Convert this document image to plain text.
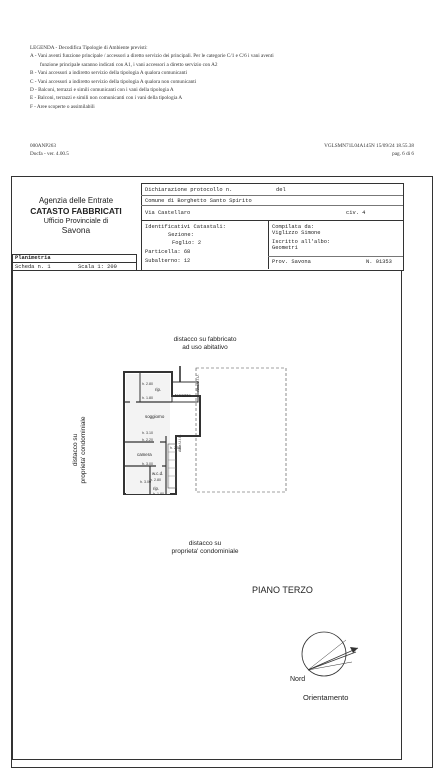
LEGENDA - Decodifica Tipologie di Ambiente previsti:
A - Vani aventi funzione principale / accessori a diretto servizio dei principali. Per le categorie C/1 e C/6 i vani aventi
funzione principale saranno indicati con A1, i vani accessori a diretto servizio con A2
B - Vani accessori a indiretto servizio della tipologia A qualora comunicanti
C - Vani accessori a indiretto servizio della tipologia A qualora non comunicanti
D - Balconi, terrazzi e simili comunicanti con i vani della tipologia A
E - Balconi, terrazzi e simili non comunicanti con i vani della tipologia A
F - Aree scoperte o assimilabili
000ANP263
Docfa - ver. 4.00.5
VGLSMN71L04A145N 15/09/24 18.55.38
pag. 6 di 6
Agenzia delle Entrate
CATASTO FABBRICATI
Ufficio Provinciale di
Savona
Dichiarazione protocollo n.	del
Comune di Borghetto Santo Spirito
Via Castellaro	civ. 4
Identificativi Catastali:
Sezione:
Foglio: 2
Particella: 68
Subalterno: 12
Compilata da:
Viglizzo Simone
Iscritto all'albo:
Geometri
Prov. Savona	N. 01353
Planimetria
Scheda n. 1	Scala 1: 200
distacco su fabbricato
ad uso abitativo
distacco su
proprieta' condominiale
distacco su proprieta' condominiale
rip.
h. 2.80
h. 1.80	terrazzo
h. 3.10
soggiorno
h. 2.20
camera
h. 3.00
w.c.d.
h. 3.00
rip.
h. 2.80
h. 1.80
h. 2.50
Altra U.I.U.
Altra U.I.U.
PIANO TERZO
Nord
Orientamento
